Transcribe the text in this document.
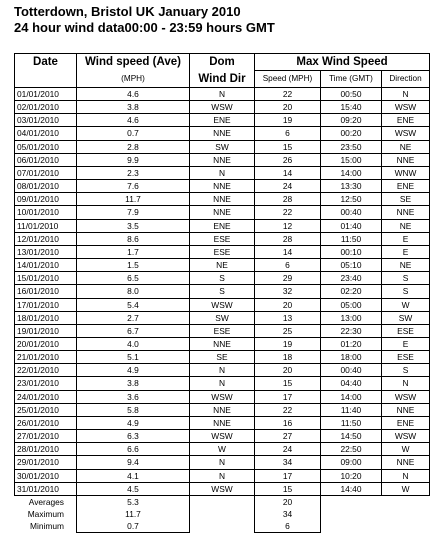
Totterdown, Bristol UK January 2010
24 hour wind data00:00 - 23:59 hours GMT
Date	Wind speed (Ave)	Dom	Max Wind Speed		
	(MPH)	Wind Dir	Speed (MPH)	Time (GMT)	Direction
01/01/2010	4.6	N	22	00:50	N
02/01/2010	3.8	WSW	20	15:40	WSW
03/01/2010	4.6	ENE	19	09:20	ENE
04/01/2010	0.7	NNE	6	00:20	WSW
05/01/2010	2.8	SW	15	23:50	NE
06/01/2010	9.9	NNE	26	15:00	NNE
07/01/2010	2.3	N	14	14:00	WNW
08/01/2010	7.6	NNE	24	13:30	ENE
09/01/2010	11.7	NNE	28	12:50	SE
10/01/2010	7.9	NNE	22	00:40	NNE
11/01/2010	3.5	ENE	12	01:40	NE
12/01/2010	8.6	ESE	28	11:50	E
13/01/2010	1.7	ESE	14	00:10	E
14/01/2010	1.5	NE	6	05:10	NE
15/01/2010	6.5	S	29	23:40	S
16/01/2010	8.0	S	32	02:20	S
17/01/2010	5.4	WSW	20	05:00	W
18/01/2010	2.7	SW	13	13:00	SW
19/01/2010	6.7	ESE	25	22:30	ESE
20/01/2010	4.0	NNE	19	01:20	E
21/01/2010	5.1	SE	18	18:00	ESE
22/01/2010	4.9	N	20	00:40	S
23/01/2010	3.8	N	15	04:40	N
24/01/2010	3.6	WSW	17	14:00	WSW
25/01/2010	5.8	NNE	22	11:40	NNE
26/01/2010	4.9	NNE	16	11:50	ENE
27/01/2010	6.3	WSW	27	14:50	WSW
28/01/2010	6.6	W	24	22:50	W
29/01/2010	9.4	N	34	09:00	NNE
30/01/2010	4.1	N	17	10:20	N
31/01/2010	4.5	WSW	15	14:40	W
Averages	5.3		20		
Maximum	11.7		34		
Minimum	0.7		6		
